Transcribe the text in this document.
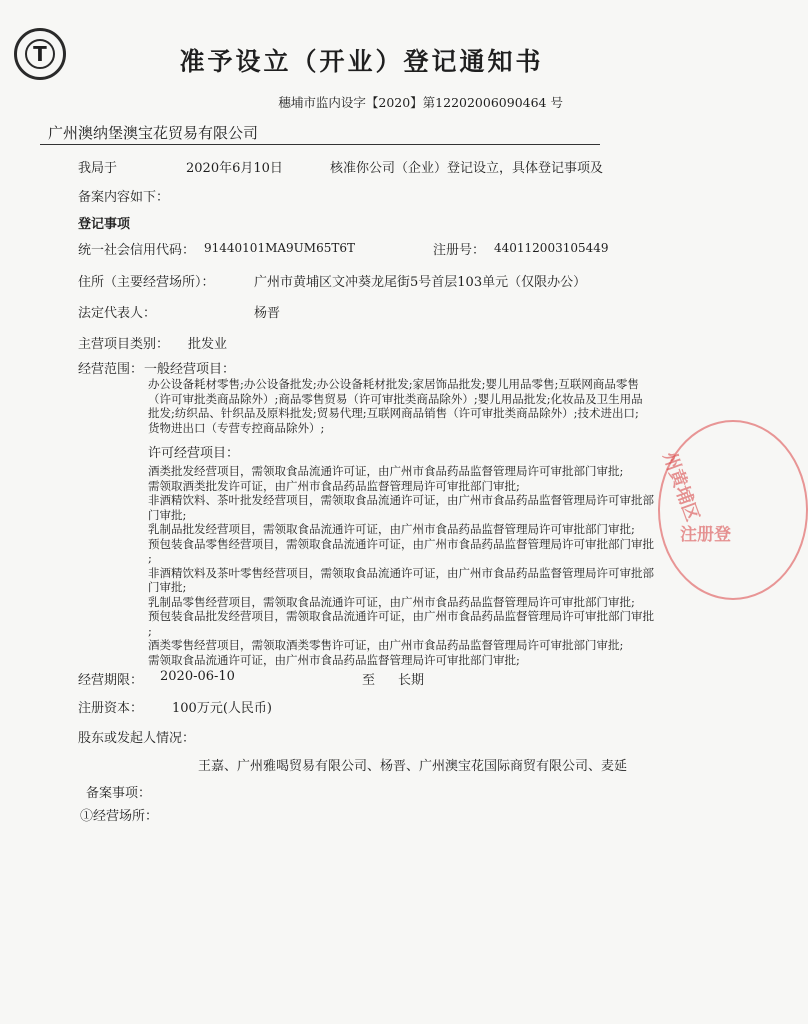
T	准予设立（开业）登记通知书
穗埔市监内设字【2020】第12202006090464 号
广州澳纳堡澳宝花贸易有限公司
我局于	2020年6月10日	核准你公司（企业）登记设立，具体登记事项及
备案内容如下：
登记事项
统一社会信用代码： 91440101MA9UM65T6T	注册号： 440112003105449
住所（主要经营场所）：	广州市黄埔区文冲葵龙尾街5号首层103单元（仅限办公）
法定代表人：	杨晋
主营项目类别： 批发业
经营范围： 一般经营项目：

办公设备耗材零售;办公设备批发;办公设备耗材批发;家居饰品批发;婴儿用品零售;互联网商品零售

（许可审批类商品除外）;商品零售贸易（许可审批类商品除外）;婴儿用品批发;化妆品及卫生用品

批发;纺织品、针织品及原料批发;贸易代理;互联网商品销售（许可审批类商品除外）;技术进出口;

货物进出口（专营专控商品除外）;

许可经营项目：

酒类批发经营项目，需领取食品流通许可证，由广州市食品药品监督管理局许可审批部门审批;

需领取酒类批发许可证，由广州市食品药品监督管理局许可审批部门审批;

非酒精饮料、茶叶批发经营项目，需领取食品流通许可证，由广州市食品药品监督管理局许可审批部

门审批;

乳制品批发经营项目，需领取食品流通许可证，由广州市食品药品监督管理局许可审批部门审批;

预包装食品零售经营项目，需领取食品流通许可证，由广州市食品药品监督管理局许可审批部门审批

;

非酒精饮料及茶叶零售经营项目，需领取食品流通许可证，由广州市食品药品监督管理局许可审批部

门审批;

乳制品零售经营项目，需领取食品流通许可证，由广州市食品药品监督管理局许可审批部门审批;

预包装食品批发经营项目，需领取食品流通许可证，由广州市食品药品监督管理局许可审批部门审批

;

酒类零售经营项目，需领取酒类零售许可证，由广州市食品药品监督管理局许可审批部门审批;

需领取食品流通许可证，由广州市食品药品监督管理局许可审批部门审批;

经营期限： 2020-06-10	至 长期
注册资本： 100万元(人民币)
股东或发起人情况：
王嘉、广州雅喝贸易有限公司、杨晋、广州澳宝花国际商贸有限公司、麦延
备案事项：
①经营场所：
州黄埔区
注册登
